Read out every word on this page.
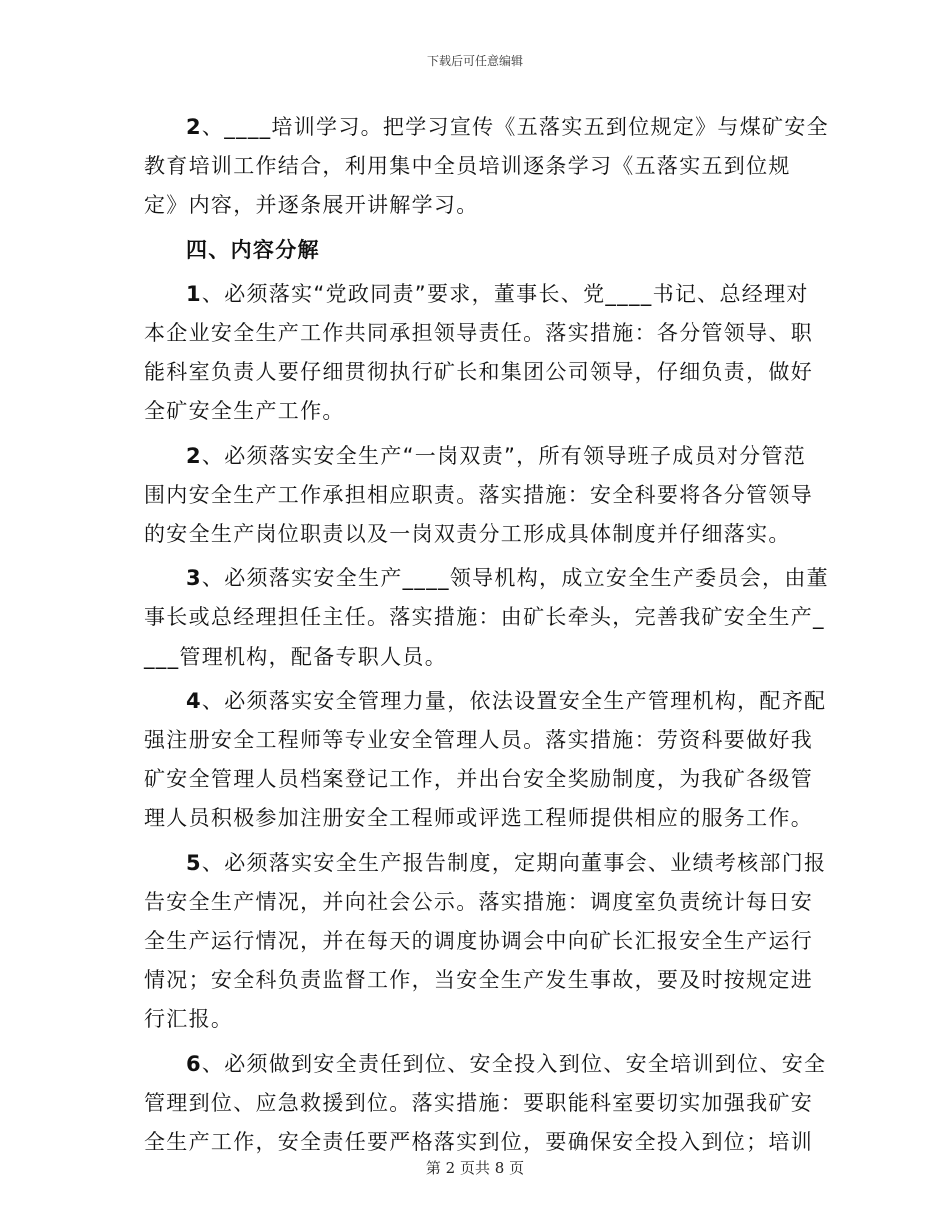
下载后可任意编辑
2、____培训学习。把学习宣传《五落实五到位规定》与煤矿安全
教育培训工作结合，利用集中全员培训逐条学习《五落实五到位规
定》内容，并逐条展开讲解学习。
四、内容分解
1、必须落实“党政同责”要求，董事长、党____书记、总经理对
本企业安全生产工作共同承担领导责任。落实措施：各分管领导、职
能科室负责人要仔细贯彻执行矿长和集团公司领导，仔细负责，做好
全矿安全生产工作。
2、必须落实安全生产“一岗双责”，所有领导班子成员对分管范
围内安全生产工作承担相应职责。落实措施：安全科要将各分管领导
的安全生产岗位职责以及一岗双责分工形成具体制度并仔细落实。
3、必须落实安全生产____领导机构，成立安全生产委员会，由董
事长或总经理担任主任。落实措施：由矿长牵头，完善我矿安全生产_
___管理机构，配备专职人员。
4、必须落实安全管理力量，依法设置安全生产管理机构，配齐配
强注册安全工程师等专业安全管理人员。落实措施：劳资科要做好我
矿安全管理人员档案登记工作，并出台安全奖励制度，为我矿各级管
理人员积极参加注册安全工程师或评选工程师提供相应的服务工作。
5、必须落实安全生产报告制度，定期向董事会、业绩考核部门报
告安全生产情况，并向社会公示。落实措施：调度室负责统计每日安
全生产运行情况，并在每天的调度协调会中向矿长汇报安全生产运行
情况；安全科负责监督工作，当安全生产发生事故，要及时按规定进
行汇报。
6、必须做到安全责任到位、安全投入到位、安全培训到位、安全
管理到位、应急救援到位。落实措施：要职能科室要切实加强我矿安
全生产工作，安全责任要严格落实到位，要确保安全投入到位；培训
第 2 页共 8 页
